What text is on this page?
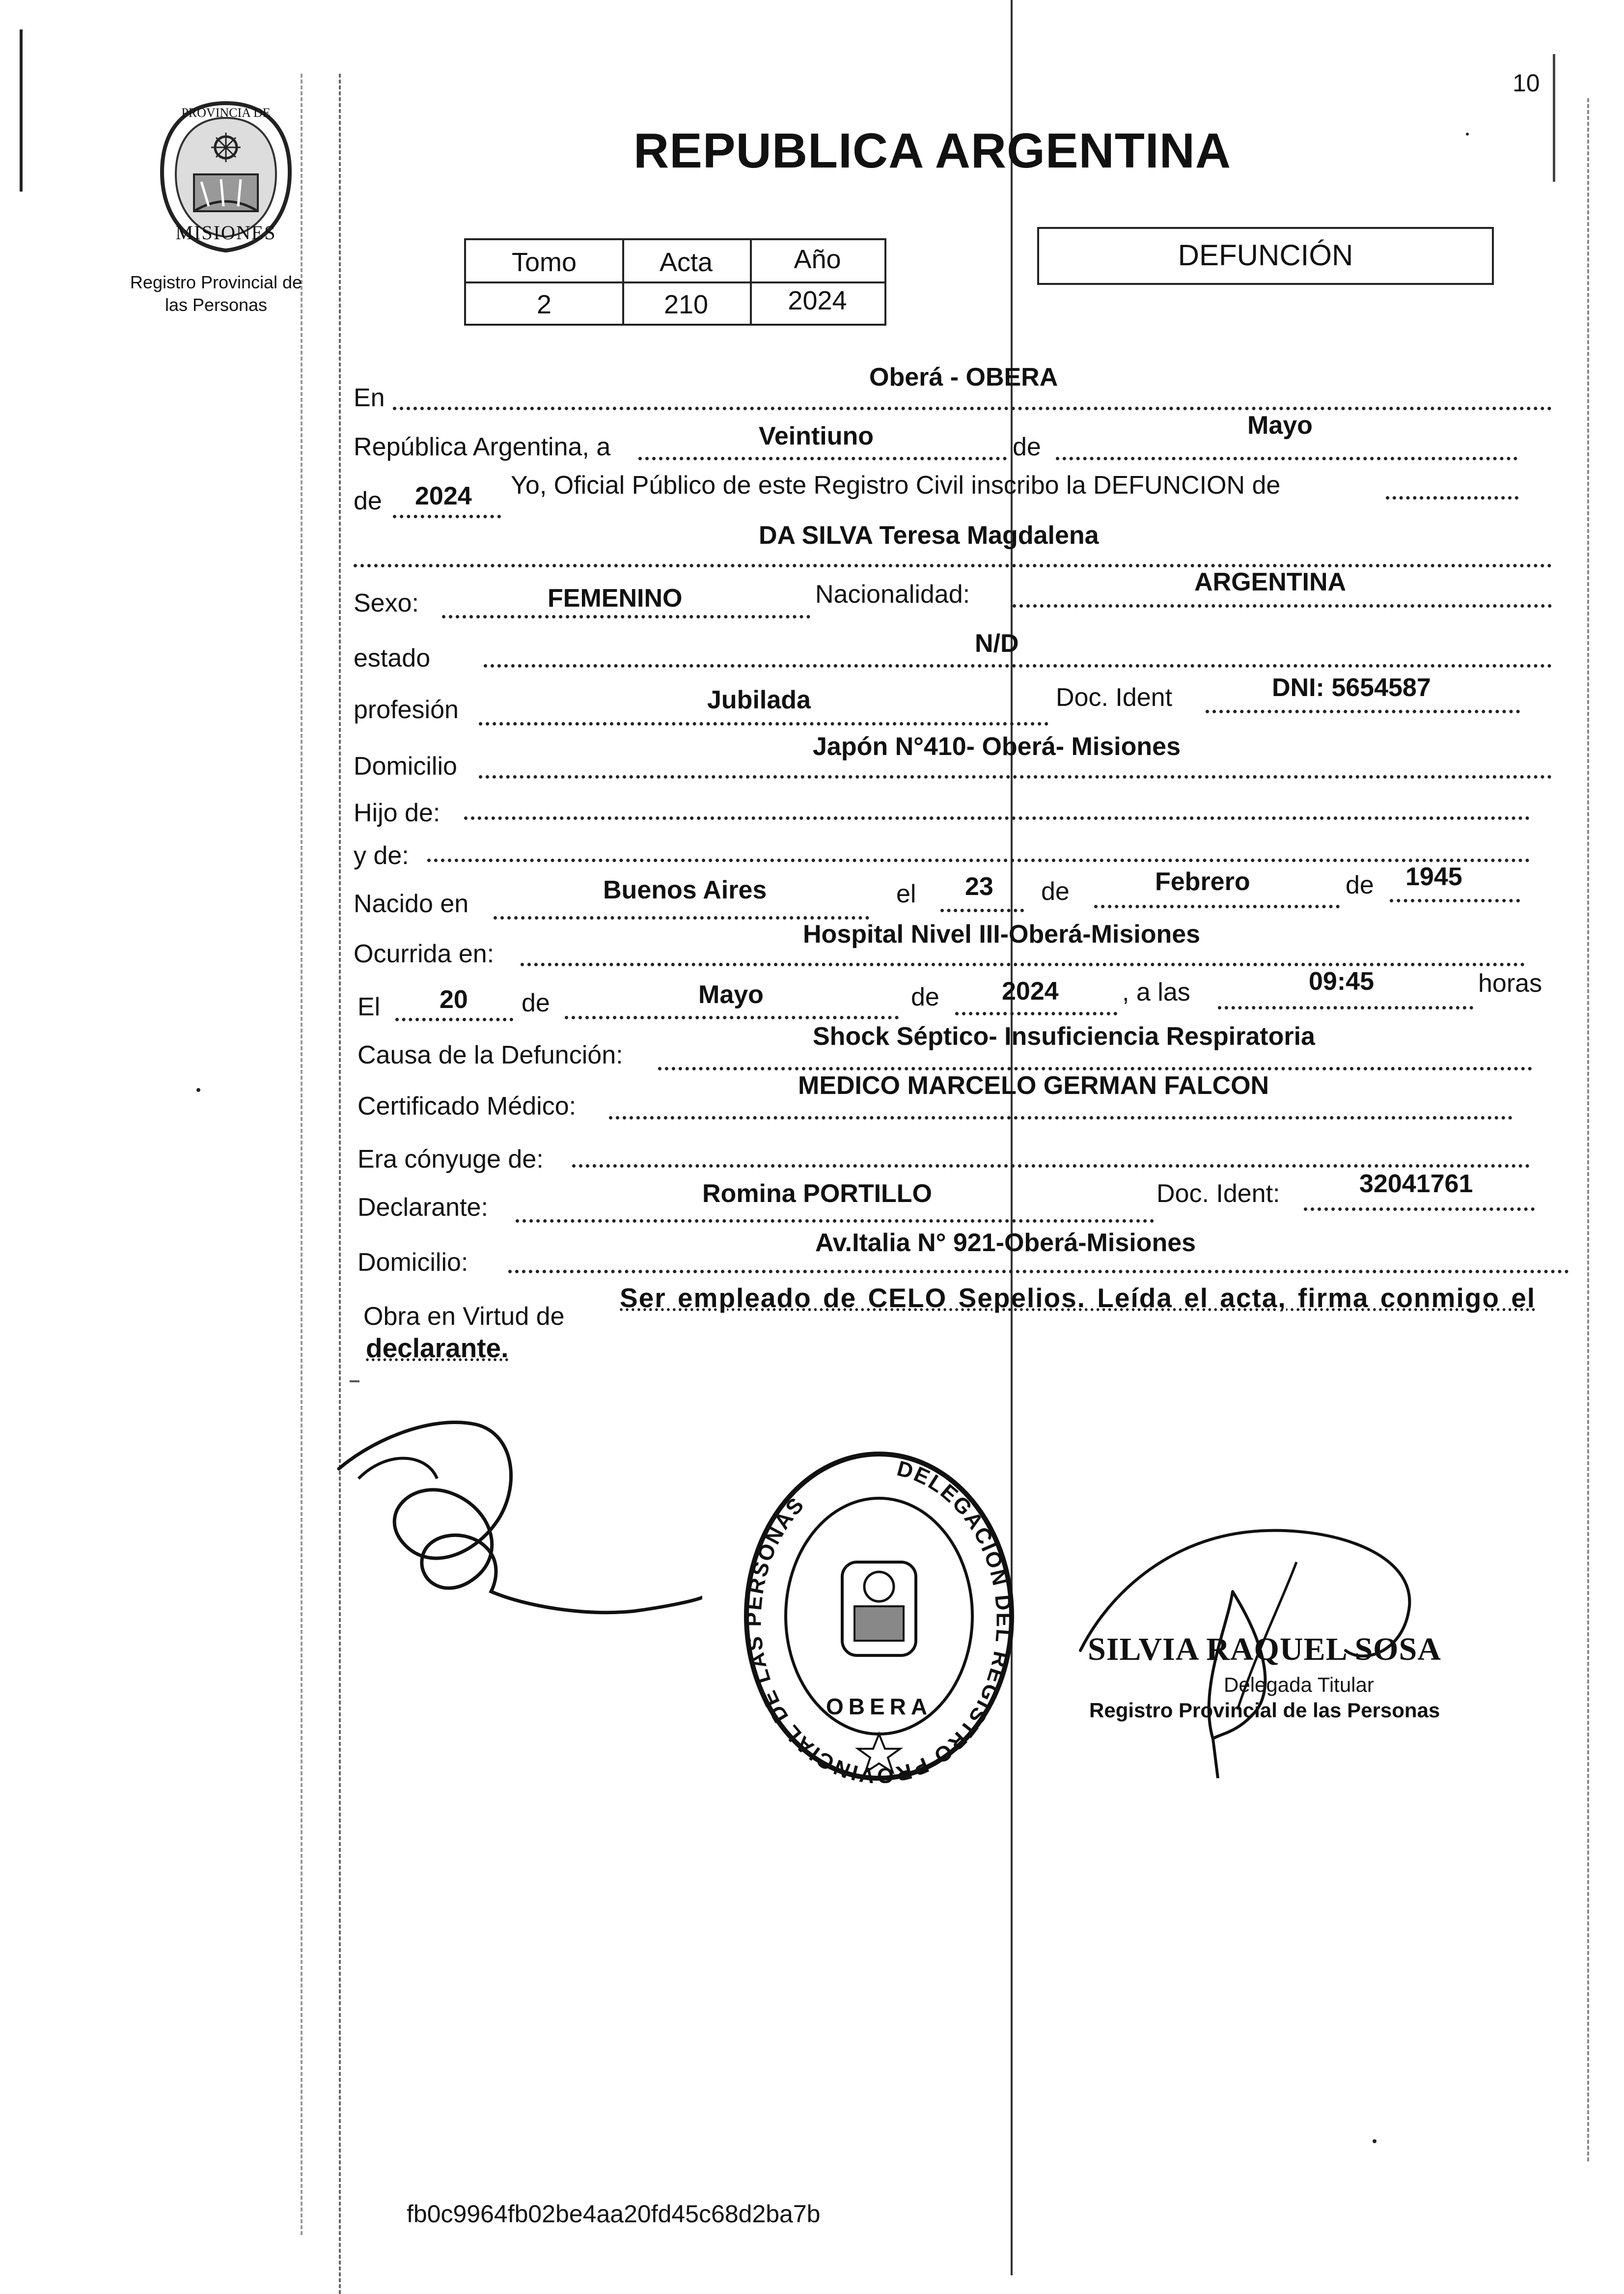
10
PROVINCIA DE
MISIONES
Registro Provincial de
las Personas
REPUBLICA ARGENTINA
Tomo	Acta	Año
2	210	2024
DEFUNCIÓN
En
Oberá - OBERA
República Argentina, a	Veintiuno	de
Mayo
de 2024 Yo, Oficial Público de este Registro Civil inscribo la DEFUNCION de
DA SILVA Teresa Magdalena
Sexo:	FEMENINO	Nacionalidad:	ARGENTINA
estado
N/D
profesión	Jubilada	Doc. Ident	DNI: 5654587
Domicilio
Japón N°410- Oberá- Misiones
Hijo de:
y de:
Nacido en	Buenos Aires	el 23 de	Febrero	de 1945
Ocurrida en:
Hospital Nivel III-Oberá-Misiones
El 20 de	Mayo	de 2024 , a las	09:45	horas
Causa de la Defunción:
Shock Séptico- Insuficiencia Respiratoria
Certificado Médico:
MEDICO MARCELO GERMAN FALCON
Era cónyuge de:
Declarante:	Romina PORTILLO	Doc. Ident:	32041761
Domicilio:
Av.Italia N° 921-Oberá-Misiones
Obra en Virtud de
Ser empleado de CELO Sepelios. Leída el acta, firma conmigo el
declarante.
DELEGACION DEL REGISTRO PROVINCIAL DE LAS PERSONAS
OBERA
SILVIA RAQUEL SOSA
Delegada Titular
Registro Provincial de las Personas
fb0c9964fb02be4aa20fd45c68d2ba7b
